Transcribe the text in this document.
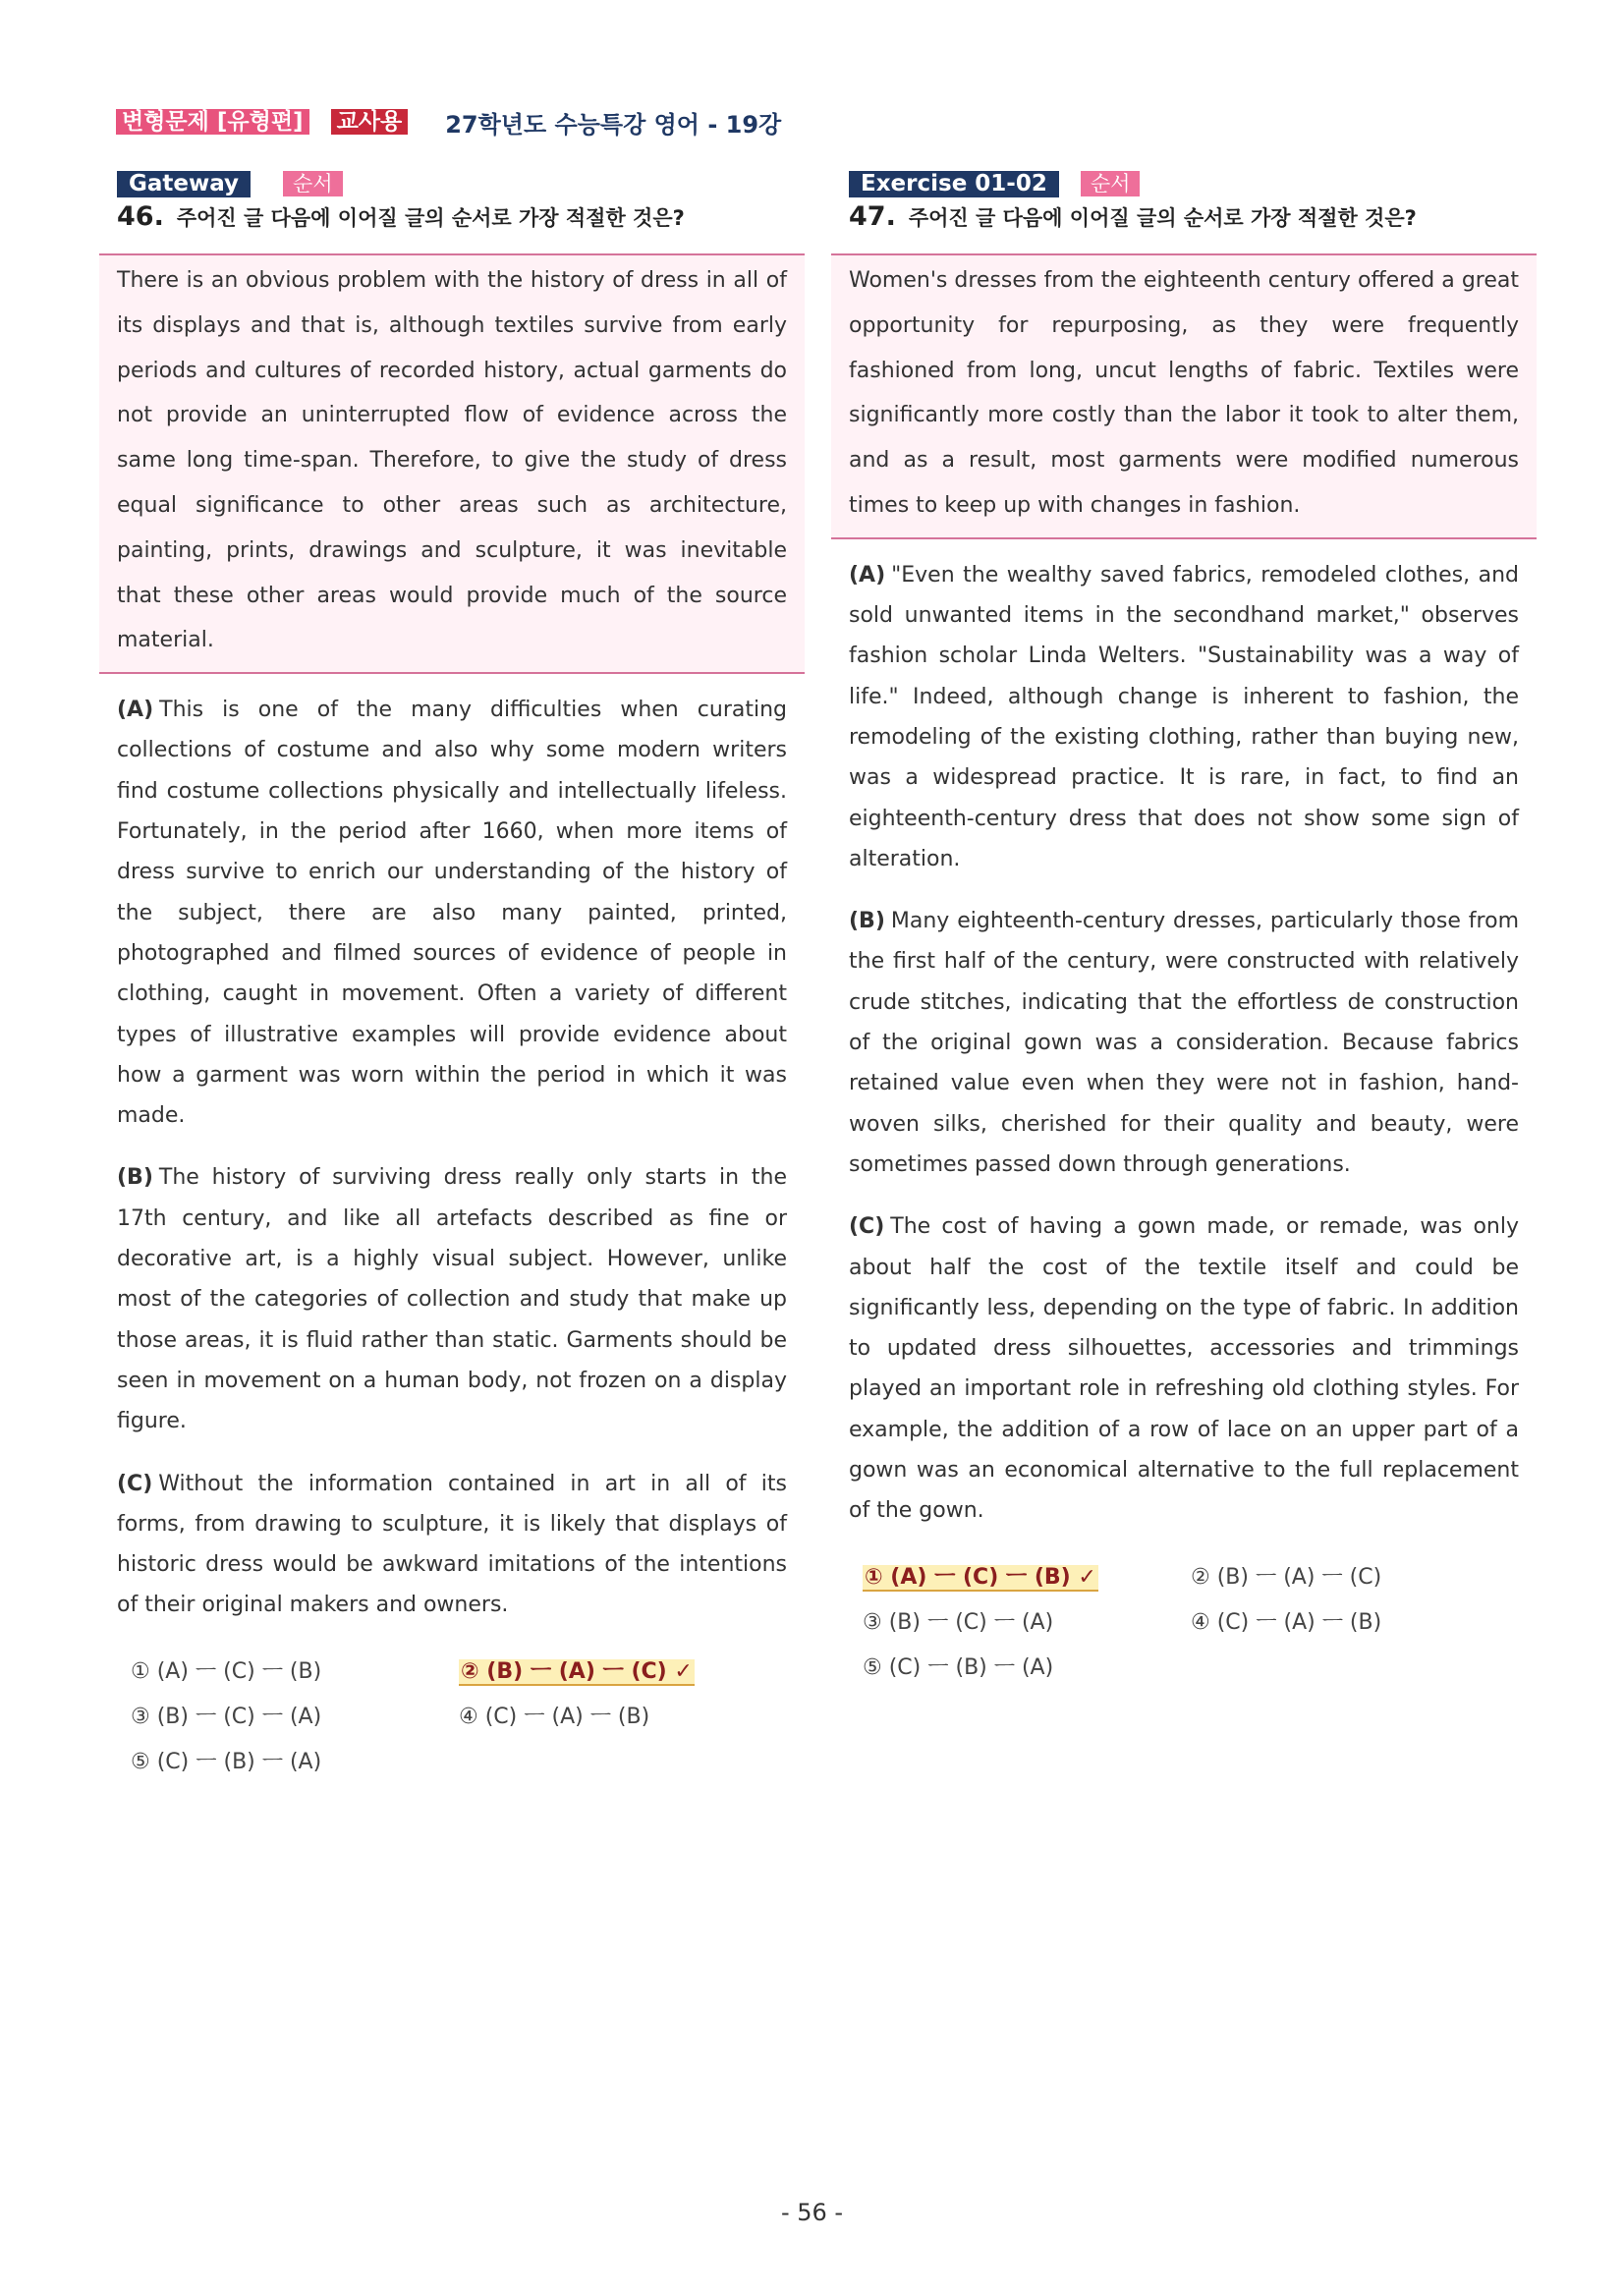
변형문제 [유형편] 교사용 27학년도 수능특강 영어 - 19강
Gateway	순서
46. 주어진 글 다음에 이어질 글의 순서로 가장 적절한 것은?
There is an obvious problem with the history of dress in all of its displays and that is, although textiles survive from early periods and cultures of recorded history, actual garments do not provide an uninterrupted flow of evidence across the same long time-span. Therefore, to give the study of dress equal significance to other areas such as architecture, painting, prints, drawings and sculpture, it was inevitable that these other areas would provide much of the source material.

(A) This is one of the many difficulties when curating collections of costume and also why some modern writers find costume collections physically and intellectually lifeless. Fortunately, in the period after 1660, when more items of dress survive to enrich our understanding of the history of the subject, there are also many painted, printed, photographed and filmed sources of evidence of people in clothing, caught in movement. Often a variety of different types of illustrative examples will provide evidence about how a garment was worn within the period in which it was made.

(B) The history of surviving dress really only starts in the 17th century, and like all artefacts described as fine or decorative art, is a highly visual subject. However, unlike most of the categories of collection and study that make up those areas, it is fluid rather than static. Garments should be seen in movement on a human body, not frozen on a display figure.

(C) Without the information contained in art in all of its forms, from drawing to sculpture, it is likely that displays of historic dress would be awkward imitations of the intentions of their original makers and owners.

① (A) ㅡ (C) ㅡ (B)	② (B) ㅡ (A) ㅡ (C) ✓
③ (B) ㅡ (C) ㅡ (A)	④ (C) ㅡ (A) ㅡ (B)
⑤ (C) ㅡ (B) ㅡ (A)
Exercise 01-02	순서
47. 주어진 글 다음에 이어질 글의 순서로 가장 적절한 것은?
Women's dresses from the eighteenth century offered a great opportunity for repurposing, as they were frequently fashioned from long, uncut lengths of fabric. Textiles were significantly more costly than the labor it took to alter them, and as a result, most garments were modified numerous times to keep up with changes in fashion.

(A) "Even the wealthy saved fabrics, remodeled clothes, and sold unwanted items in the secondhand market," observes fashion scholar Linda Welters. "Sustainability was a way of life." Indeed, although change is inherent to fashion, the remodeling of the existing clothing, rather than buying new, was a widespread practice. It is rare, in fact, to find an eighteenth-century dress that does not show some sign of alteration.

(B) Many eighteenth-century dresses, particularly those from the first half of the century, were constructed with relatively crude stitches, indicating that the effortless de construction of the original gown was a consideration. Because fabrics retained value even when they were not in fashion, hand-woven silks, cherished for their quality and beauty, were sometimes passed down through generations.

(C) The cost of having a gown made, or remade, was only about half the cost of the textile itself and could be significantly less, depending on the type of fabric. In addition to updated dress silhouettes, accessories and trimmings played an important role in refreshing old clothing styles. For example, the addition of a row of lace on an upper part of a gown was an economical alternative to the full replacement of the gown.

① (A) ㅡ (C) ㅡ (B) ✓	② (B) ㅡ (A) ㅡ (C)
③ (B) ㅡ (C) ㅡ (A)	④ (C) ㅡ (A) ㅡ (B)
⑤ (C) ㅡ (B) ㅡ (A)
- 56 -
